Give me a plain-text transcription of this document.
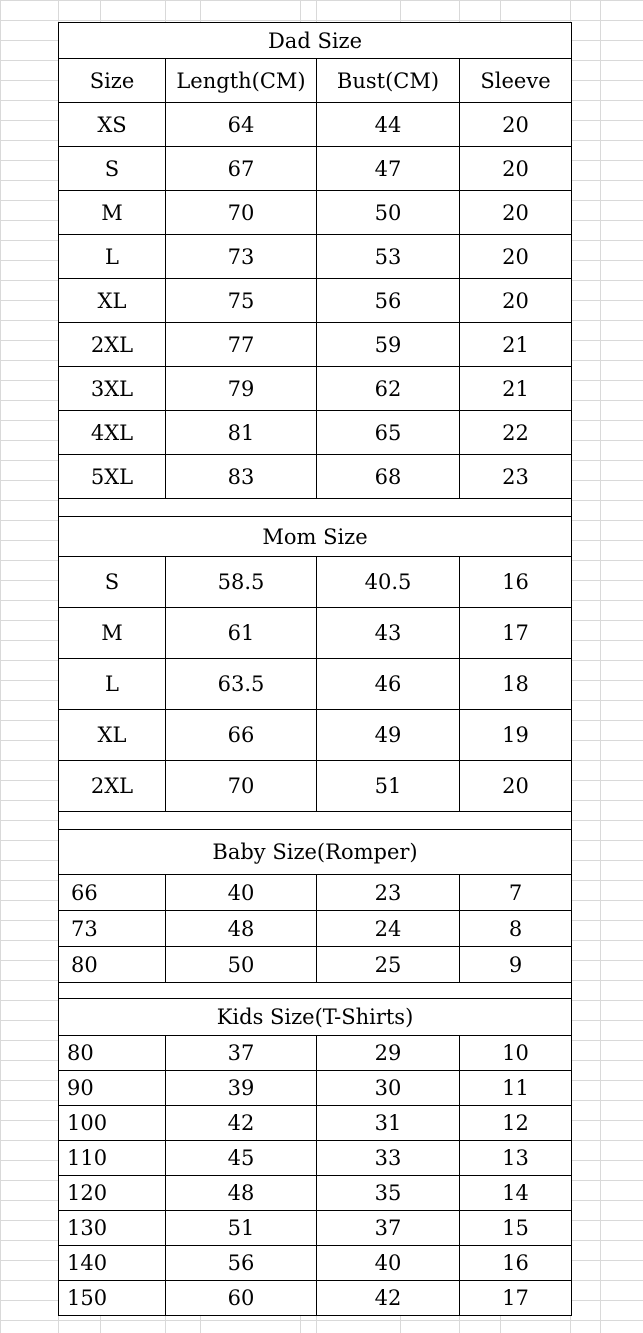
Dad Size			
Size	Length(CM)	Bust(CM)	Sleeve
XS	64	44	20
S	67	47	20
M	70	50	20
L	73	53	20
XL	75	56	20
2XL	77	59	21
3XL	79	62	21
4XL	81	65	22
5XL	83	68	23

Mom Size			
S	58.5	40.5	16
M	61	43	17
L	63.5	46	18
XL	66	49	19
2XL	70	51	20

Baby Size(Romper)			
66	40	23	7
73	48	24	8
80	50	25	9

Kids Size(T-Shirts)			
80	37	29	10
90	39	30	11
100	42	31	12
110	45	33	13
120	48	35	14
130	51	37	15
140	56	40	16
150	60	42	17
